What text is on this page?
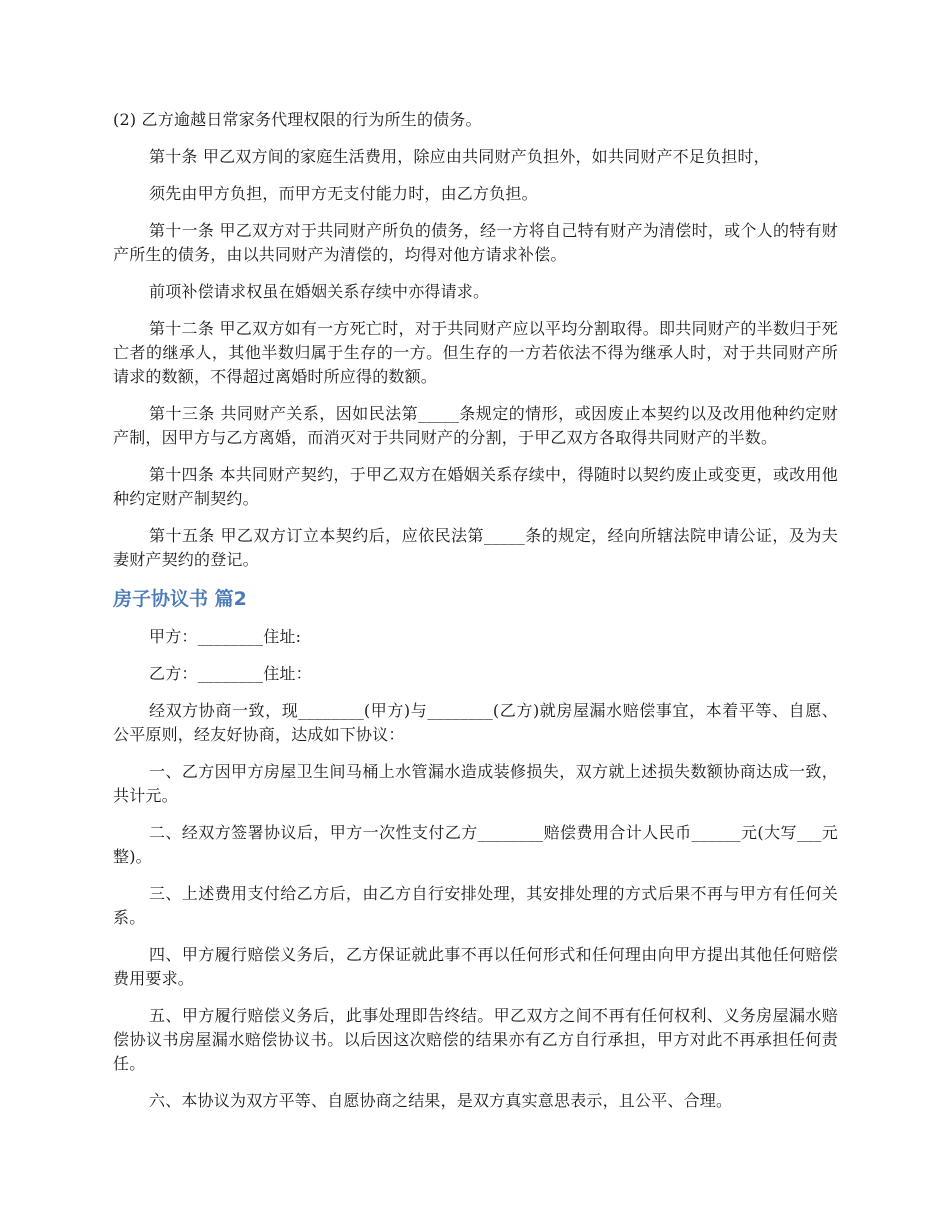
(2) 乙方逾越日常家务代理权限的行为所生的债务。

第十条 甲乙双方间的家庭生活费用，除应由共同财产负担外，如共同财产不足负担时，

须先由甲方负担，而甲方无支付能力时，由乙方负担。

第十一条 甲乙双方对于共同财产所负的债务，经一方将自己特有财产为清偿时，或个人的特有财产所生的债务，由以共同财产为清偿的，均得对他方请求补偿。

前项补偿请求权虽在婚姻关系存续中亦得请求。

第十二条 甲乙双方如有一方死亡时，对于共同财产应以平均分割取得。即共同财产的半数归于死亡者的继承人，其他半数归属于生存的一方。但生存的一方若依法不得为继承人时，对于共同财产所请求的数额，不得超过离婚时所应得的数额。

第十三条 共同财产关系，因如民法第_____条规定的情形，或因废止本契约以及改用他种约定财产制，因甲方与乙方离婚，而消灭对于共同财产的分割，于甲乙双方各取得共同财产的半数。

第十四条 本共同财产契约，于甲乙双方在婚姻关系存续中，得随时以契约废止或变更，或改用他种约定财产制契约。

第十五条 甲乙双方订立本契约后，应依民法第_____条的规定，经向所辖法院申请公证，及为夫妻财产契约的登记。

房子协议书 篇2

甲方：________住址:

乙方：________住址：

经双方协商一致，现________(甲方)与________(乙方)就房屋漏水赔偿事宜，本着平等、自愿、公平原则，经友好协商，达成如下协议：

一、乙方因甲方房屋卫生间马桶上水管漏水造成装修损失，双方就上述损失数额协商达成一致，共计元。

二、经双方签署协议后，甲方一次性支付乙方________赔偿费用合计人民币______元(大写___元整)。

三、上述费用支付给乙方后，由乙方自行安排处理，其安排处理的方式后果不再与甲方有任何关系。

四、甲方履行赔偿义务后，乙方保证就此事不再以任何形式和任何理由向甲方提出其他任何赔偿费用要求。

五、甲方履行赔偿义务后，此事处理即告终结。甲乙双方之间不再有任何权利、义务房屋漏水赔偿协议书房屋漏水赔偿协议书。以后因这次赔偿的结果亦有乙方自行承担，甲方对此不再承担任何责任。

六、本协议为双方平等、自愿协商之结果，是双方真实意思表示，且公平、合理。
